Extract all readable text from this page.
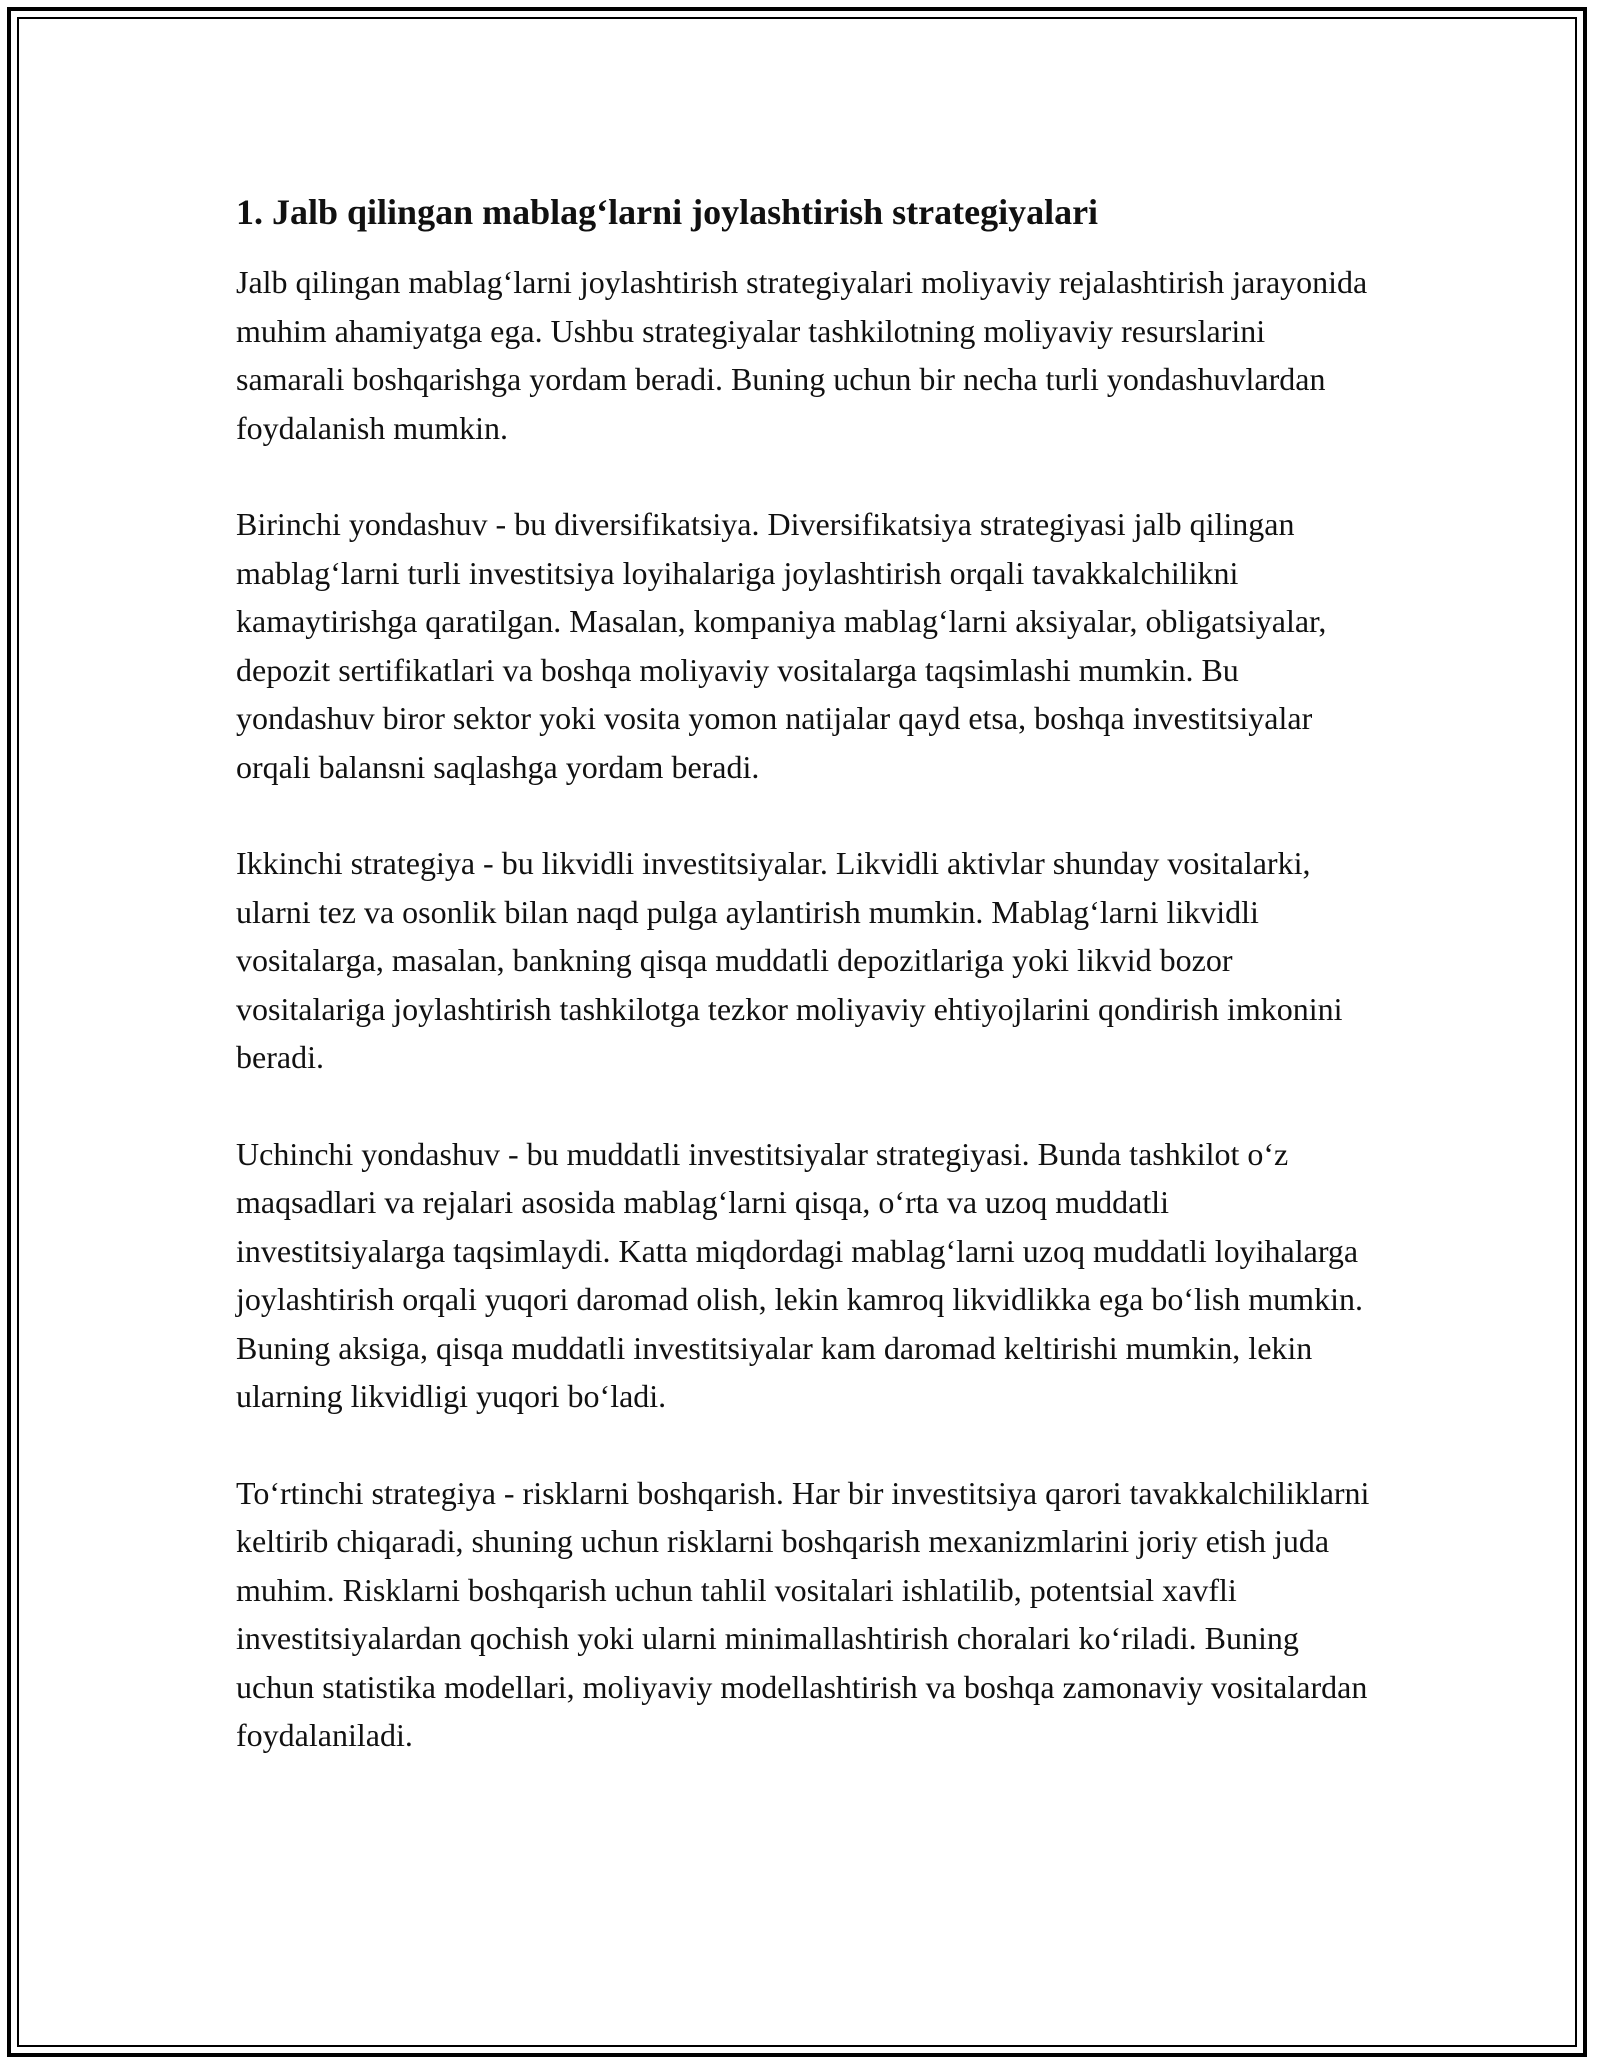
1. Jalb qilingan mablag‘larni joylashtirish strategiyalari

Jalb qilingan mablag‘larni joylashtirish strategiyalari moliyaviy rejalashtirish jarayonida muhim ahamiyatga ega. Ushbu strategiyalar tashkilotning moliyaviy resurslarini samarali boshqarishga yordam beradi. Buning uchun bir necha turli yondashuvlardan foydalanish mumkin.

Birinchi yondashuv - bu diversifikatsiya. Diversifikatsiya strategiyasi jalb qilingan mablag‘larni turli investitsiya loyihalariga joylashtirish orqali tavakkalchilikni kamaytirishga qaratilgan. Masalan, kompaniya mablag‘larni aksiyalar, obligatsiyalar, depozit sertifikatlari va boshqa moliyaviy vositalarga taqsimlashi mumkin. Bu yondashuv biror sektor yoki vosita yomon natijalar qayd etsa, boshqa investitsiyalar orqali balansni saqlashga yordam beradi.

Ikkinchi strategiya - bu likvidli investitsiyalar. Likvidli aktivlar shunday vositalarki, ularni tez va osonlik bilan naqd pulga aylantirish mumkin. Mablag‘larni likvidli vositalarga, masalan, bankning qisqa muddatli depozitlariga yoki likvid bozor vositalariga joylashtirish tashkilotga tezkor moliyaviy ehtiyojlarini qondirish imkonini beradi.

Uchinchi yondashuv - bu muddatli investitsiyalar strategiyasi. Bunda tashkilot o‘z maqsadlari va rejalari asosida mablag‘larni qisqa, o‘rta va uzoq muddatli investitsiyalarga taqsimlaydi. Katta miqdordagi mablag‘larni uzoq muddatli loyihalarga joylashtirish orqali yuqori daromad olish, lekin kamroq likvidlikka ega bo‘lish mumkin. Buning aksiga, qisqa muddatli investitsiyalar kam daromad keltirishi mumkin, lekin ularning likvidligi yuqori bo‘ladi.

To‘rtinchi strategiya - risklarni boshqarish. Har bir investitsiya qarori tavakkalchiliklarni keltirib chiqaradi, shuning uchun risklarni boshqarish mexanizmlarini joriy etish juda muhim. Risklarni boshqarish uchun tahlil vositalari ishlatilib, potentsial xavfli investitsiyalardan qochish yoki ularni minimallashtirish choralari ko‘riladi. Buning uchun statistika modellari, moliyaviy modellashtirish va boshqa zamonaviy vositalardan foydalaniladi.
